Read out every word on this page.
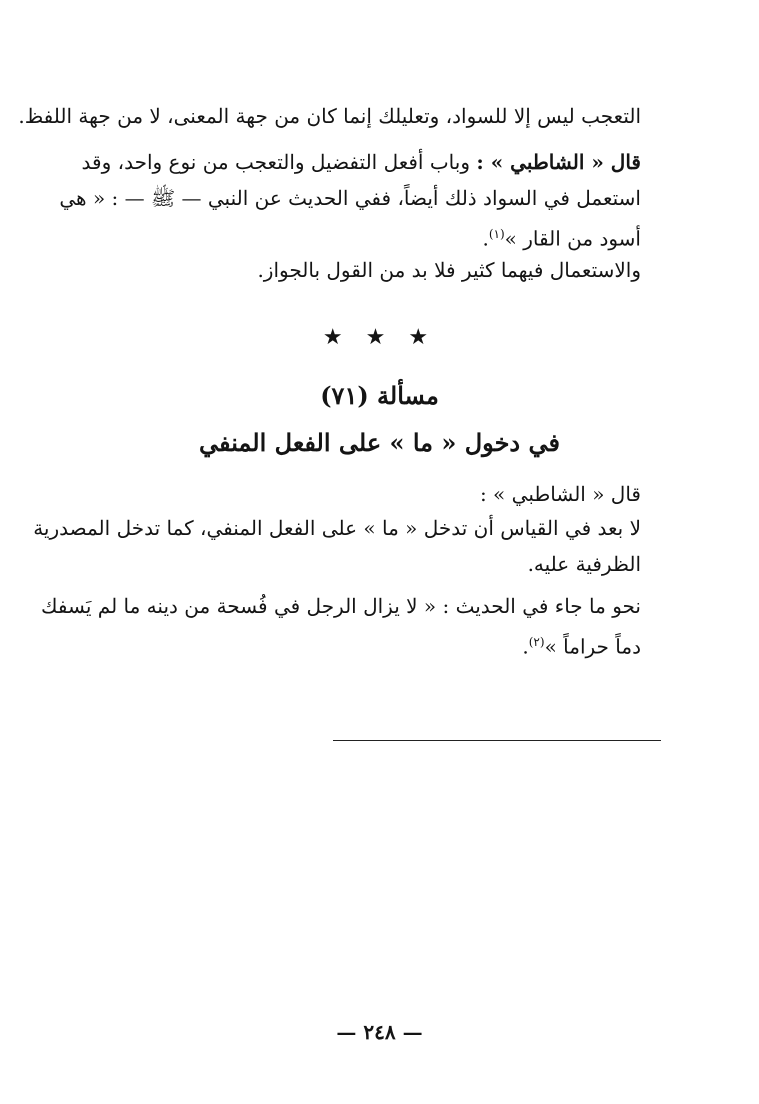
التعجب ليس إلا للسواد، وتعليلك إنما كان من جهة المعنى، لا من جهة اللفظ.
قال « الشاطبي » : وباب أفعل التفضيل والتعجب من نوع واحد، وقد
استعمل في السواد ذلك أيضاً، ففي الحديث عن النبي — ﷺ — : « هي
أسود من القار »$^{(١)}$.
والاستعمال فيهما كثير فلا بد من القول بالجواز.
★ ★ ★
مسألة (٧١)
في دخول « ما » على الفعل المنفي
قال « الشاطبي » :
لا بعد في القياس أن تدخل « ما » على الفعل المنفي، كما تدخل المصدرية
الظرفية عليه.
نحو ما جاء في الحديث : « لا يزال الرجل في فُسحة من دينه ما لم يَسفك
دماً حراماً »$^{(٢)}$.
— ٢٤٨ —
